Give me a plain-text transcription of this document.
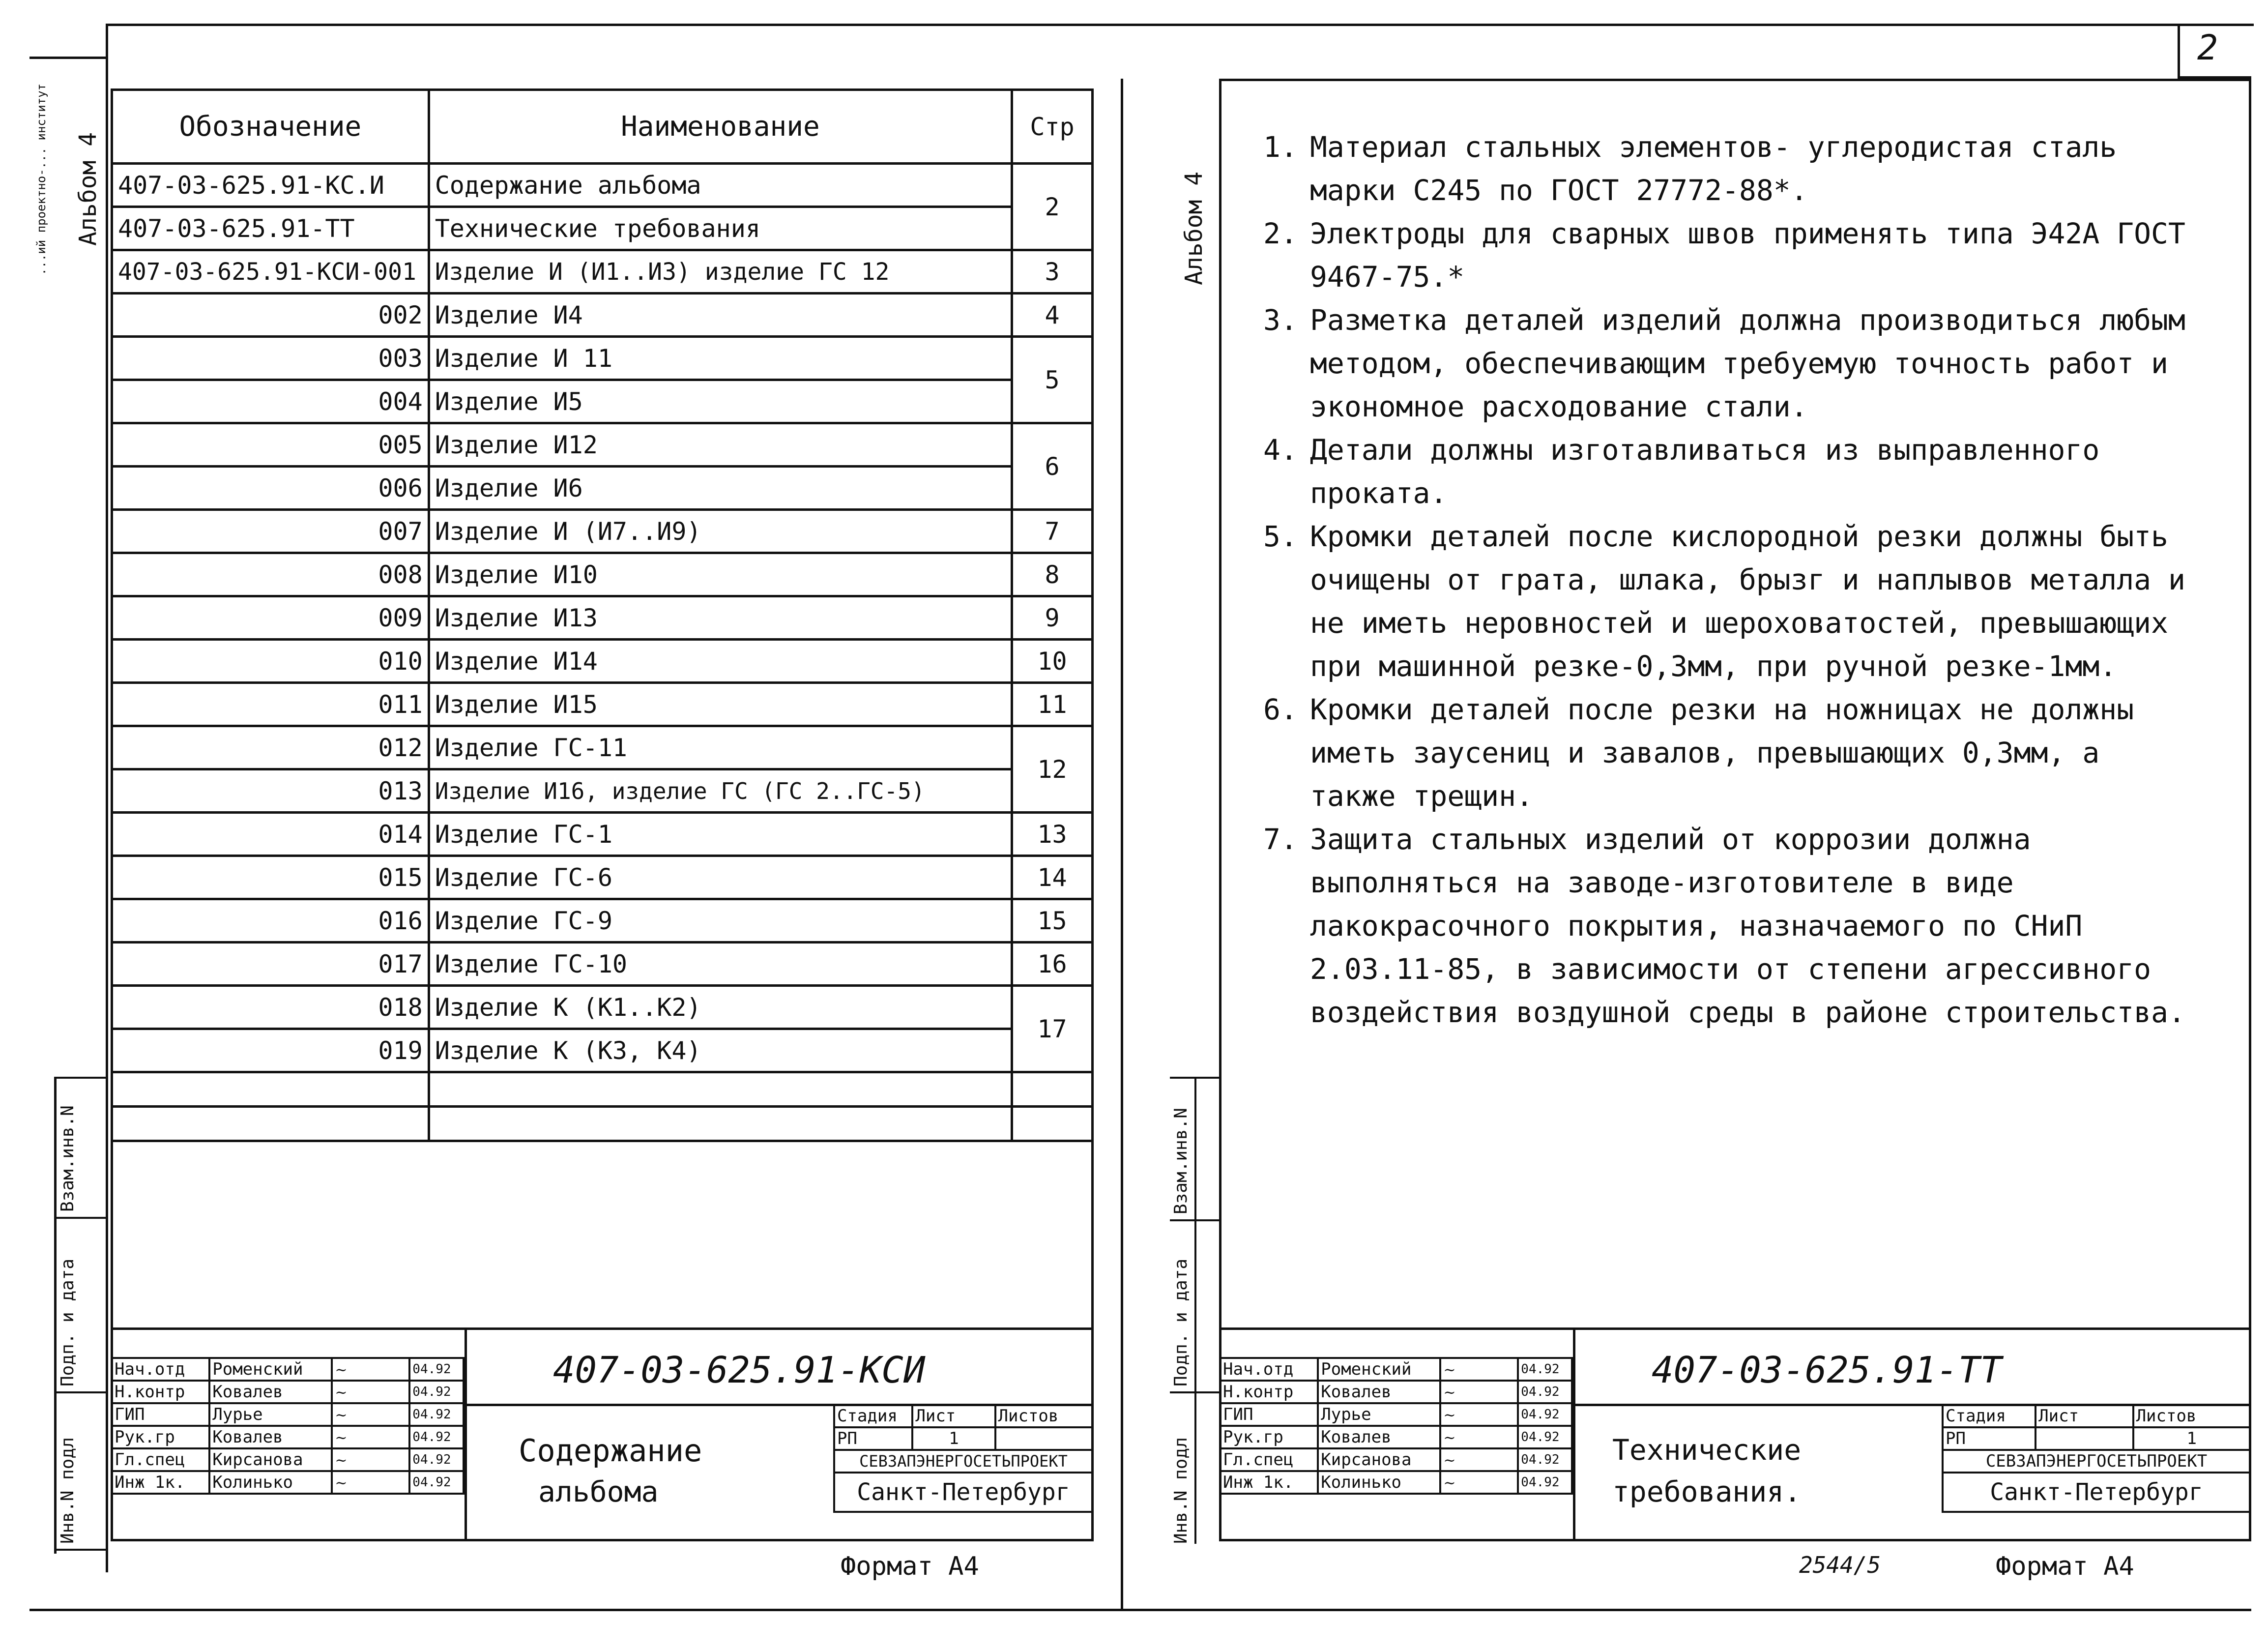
2
Альбом 4
...ий проектно-... институт
Взам.инв.N
Подп. и дата
Инв.N подл
Обозначение	Наименование	Стр
407-03-625.91-КС.И	Содержание альбома	2
407-03-625.91-ТТ	Технические требования	
407-03-625.91-КСИ-001	Изделие И (И1..И3) изделие ГС 12	3
002	Изделие И4	4
003	Изделие И 11	5
004	Изделие И5	
005	Изделие И12	6
006	Изделие И6	
007	Изделие И (И7..И9)	7
008	Изделие И10	8
009	Изделие И13	9
010	Изделие И14	10
011	Изделие И15	11
012	Изделие ГС-11	12
013	Изделие И16, изделие ГС (ГС 2..ГС-5)	
014	Изделие ГС-1	13
015	Изделие ГС-6	14
016	Изделие ГС-9	15
017	Изделие ГС-10	16
018	Изделие К (К1..К2)	17
019	Изделие К (К3, К4)	

Нач.отд	Роменский	~	04.92
Н.контр	Ковалев	~	04.92
ГИП	Лурье	~	04.92
Рук.гр	Ковалев	~	04.92
Гл.спец	Кирсанова	~	04.92
Инж 1к.	Колинько	~	04.92
407-03-625.91-КСИ
Содержание
альбома
Стадия	Лист	Листов
РП	1	
СЕВЗАПЭНЕРГОСЕТЬПРОЕКТ		
Санкт-Петербург		
Формат А4
Альбом 4
Взам.инв.N
Подп. и дата
Инв.N подл
1. Материал стальных элементов- углеродистая сталь марки С245 по ГОСТ 27772-88*.

2. Электроды для сварных швов применять типа Э42А ГОСТ 9467-75.*

3. Разметка деталей изделий должна производиться любым методом, обеспечивающим требуемую точность работ и экономное расходование стали.

4. Детали должны изготавливаться из выправленного проката.

5. Кромки деталей после кислородной резки должны быть очищены от грата, шлака, брызг и наплывов металла и не иметь неровностей и шероховатостей, превышающих при машинной резке-0,3мм, при ручной резке-1мм.

6. Кромки деталей после резки на ножницах не должны иметь заусениц и завалов, превышающих 0,3мм, а также трещин.

7. Защита стальных изделий от коррозии должна выполняться на заводе-изготовителе в виде лакокрасочного покрытия, назначаемого по СНиП 2.03.11-85, в зависимости от степени агрессивного воздействия воздушной среды в районе строительства.

Нач.отд	Роменский	~	04.92
Н.контр	Ковалев	~	04.92
ГИП	Лурье	~	04.92
Рук.гр	Ковалев	~	04.92
Гл.спец	Кирсанова	~	04.92
Инж 1к.	Колинько	~	04.92
407-03-625.91-ТТ
Технические
требования.
Стадия	Лист	Листов
РП		1
СЕВЗАПЭНЕРГОСЕТЬПРОЕКТ		
Санкт-Петербург		
2544/5	Формат А4
